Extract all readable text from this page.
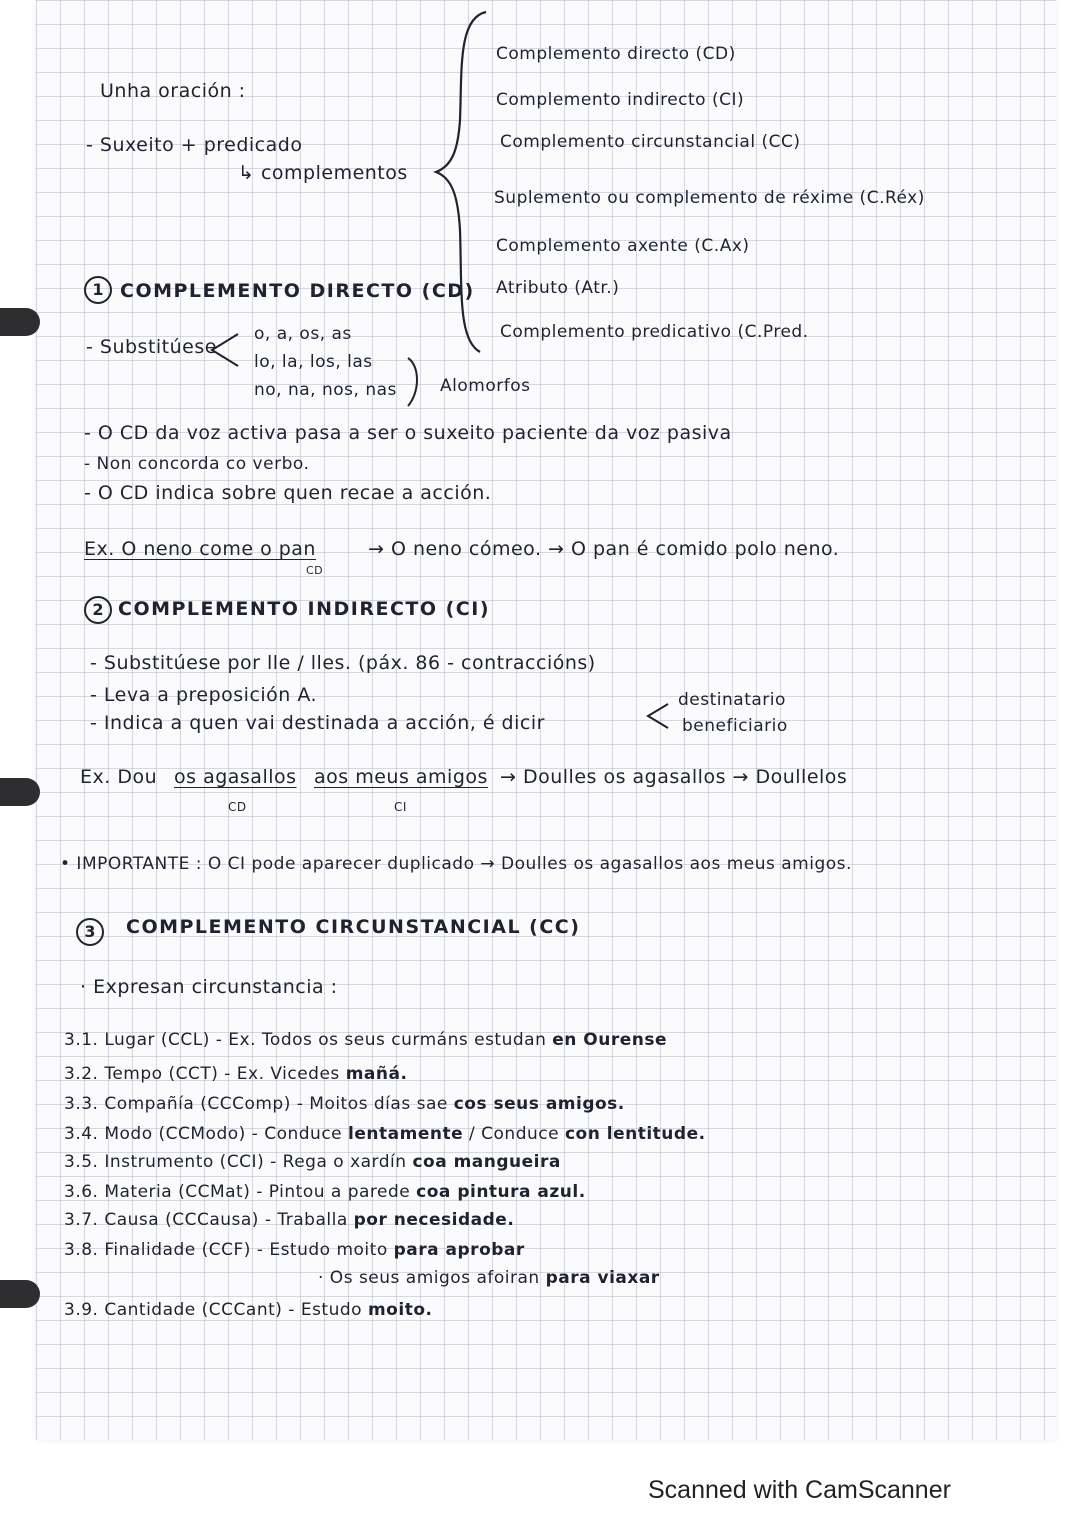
Unha oración :
- Suxeito + predicado
↳ complementos
Complemento directo (CD)
Complemento indirecto (CI)
Complemento circunstancial (CC)
Suplemento ou complemento de réxime (C.Réx)
Complemento axente (C.Ax)
Atributo (Atr.)
Complemento predicativo (C.Pred.
1 COMPLEMENTO DIRECTO (CD)
- Substitúese
o, a, os, as
lo, la, los, las
no, na, nos, nas	Alomorfos
- O CD da voz activa pasa a ser o suxeito paciente da voz pasiva
- Non concorda co verbo.
- O CD indica sobre quen recae a acción.
Ex. O neno come o pan
CD
→ O neno cómeo. → O pan é comido polo neno.
2 COMPLEMENTO INDIRECTO (CI)
- Substitúese por lle / lles. (páx. 86 - contraccións)
- Leva a preposición A.
- Indica a quen vai destinada a acción, é dicir
destinatario
beneficiario
Ex. Dou os agasallos aos meus amigos → Doulles os agasallos → Doullelos
CD	CI
• IMPORTANTE : O CI pode aparecer duplicado → Doulles os agasallos aos meus amigos.
3	COMPLEMENTO CIRCUNSTANCIAL (CC)
· Expresan circunstancia :
3.1. Lugar (CCL) - Ex. Todos os seus curmáns estudan en Ourense
3.2. Tempo (CCT) - Ex. Vicedes mañá.
3.3. Compañía (CCComp) - Moitos días sae cos seus amigos.
3.4. Modo (CCModo) - Conduce lentamente / Conduce con lentitude.
3.5. Instrumento (CCI) - Rega o xardín coa mangueira
3.6. Materia (CCMat) - Pintou a parede coa pintura azul.
3.7. Causa (CCCausa) - Traballa por necesidade.
3.8. Finalidade (CCF) - Estudo moito para aprobar
· Os seus amigos afoiran para viaxar
3.9. Cantidade (CCCant) - Estudo moito.
Scanned with CamScanner
